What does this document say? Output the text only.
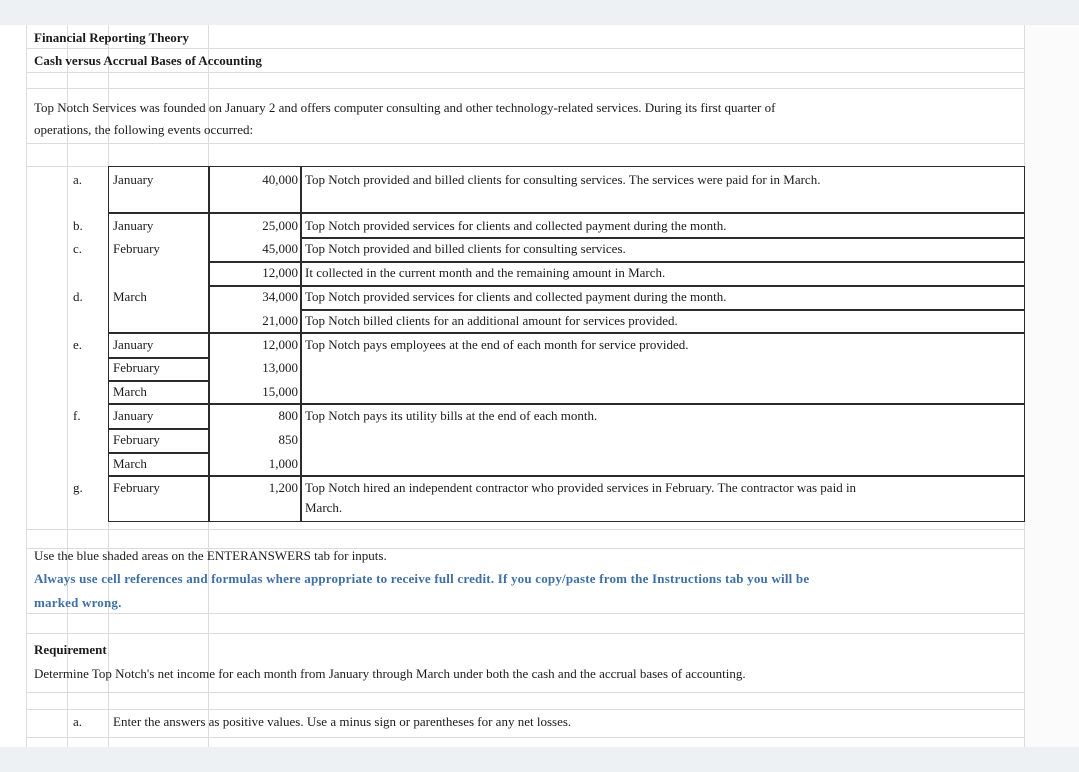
Financial Reporting Theory
Cash versus Accrual Bases of Accounting
Top Notch Services was founded on January 2 and offers computer consulting and other technology-related services. During its first quarter of
operations, the following events occurred:
a. January	40,000 Top Notch provided and billed clients for consulting services. The services were paid for in March.
b. January	25,000 Top Notch provided services for clients and collected payment during the month.
c. February	45,000 Top Notch provided and billed clients for consulting services.
12,000 It collected in the current month and the remaining amount in March.
d. March	34,000 Top Notch provided services for clients and collected payment during the month.
21,000 Top Notch billed clients for an additional amount for services provided.
e. January	12,000 Top Notch pays employees at the end of each month for service provided.
February	13,000
March	15,000
f. January	800 Top Notch pays its utility bills at the end of each month.
February	850
March	1,000
g. February	1,200 Top Notch hired an independent contractor who provided services in February. The contractor was paid in
March.
Use the blue shaded areas on the ENTERANSWERS tab for inputs.
Always use cell references and formulas where appropriate to receive full credit. If you copy/paste from the Instructions tab you will be
marked wrong.
Requirement
Determine Top Notch's net income for each month from January through March under both the cash and the accrual bases of accounting.
a. Enter the answers as positive values. Use a minus sign or parentheses for any net losses.
